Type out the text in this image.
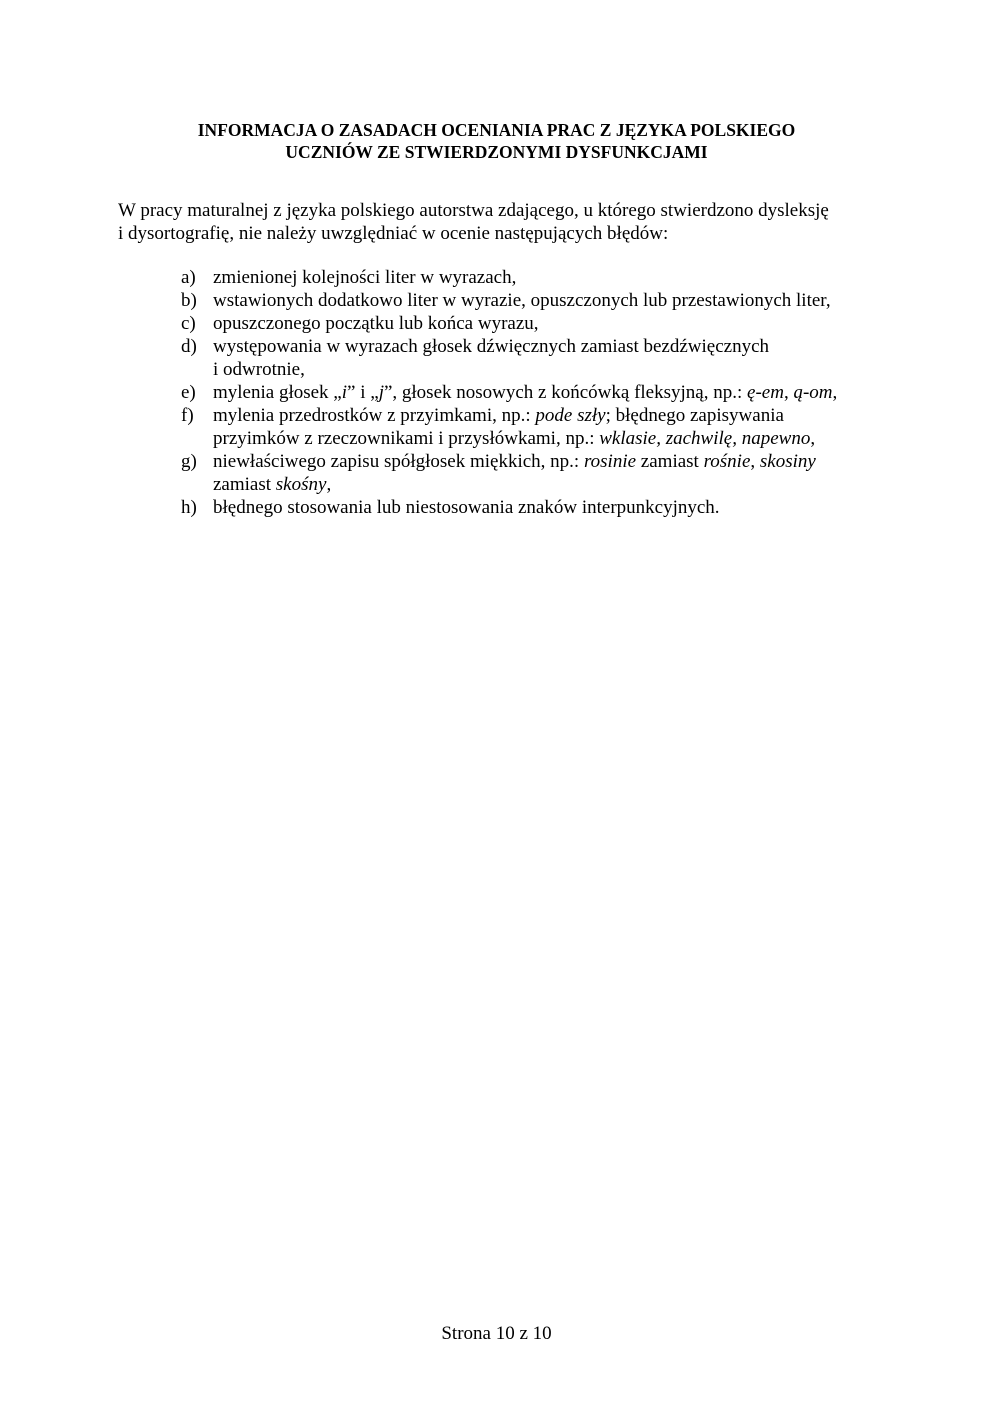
INFORMACJA O ZASADACH OCENIANIA PRAC Z JĘZYKA POLSKIEGO
UCZNIÓW ZE STWIERDZONYMI DYSFUNKCJAMI
W pracy maturalnej z języka polskiego autorstwa zdającego, u którego stwierdzono dysleksję
i dysortografię, nie należy uwzględniać w ocenie następujących błędów:
a) zmienionej kolejności liter w wyrazach,
b) wstawionych dodatkowo liter w wyrazie, opuszczonych lub przestawionych liter,
c) opuszczonego początku lub końca wyrazu,
d) występowania w wyrazach głosek dźwięcznych zamiast bezdźwięcznych
i odwrotnie,
e) mylenia głosek „i” i „j”, głosek nosowych z końcówką fleksyjną, np.: ę-em, ą-om,
f) mylenia przedrostków z przyimkami, np.: pode szły; błędnego zapisywania
przyimków z rzeczownikami i przysłówkami, np.: wklasie, zachwilę, napewno,
g) niewłaściwego zapisu spółgłosek miękkich, np.: rosinie zamiast rośnie, skosiny
zamiast skośny,
h) błędnego stosowania lub niestosowania znaków interpunkcyjnych.
Strona 10 z 10
